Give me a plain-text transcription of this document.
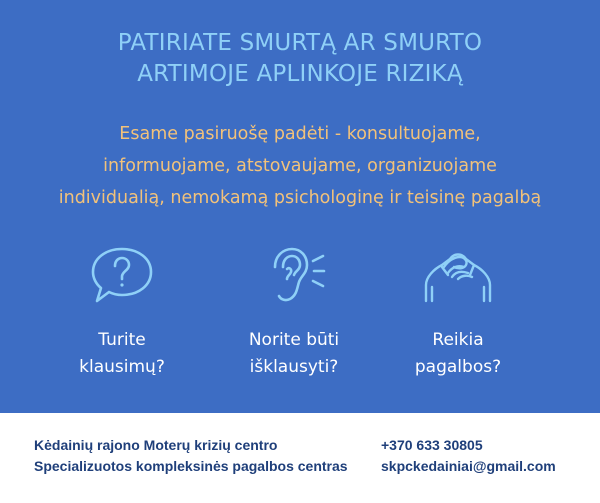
PATIRIATE SMURTĄ AR SMURTO
ARTIMOJE APLINKOJE RIZIKĄ
Esame pasiruošę padėti - konsultuojame,
informuojame, atstovaujame, organizuojame
individualią, nemokamą psichologinę ir teisinę pagalbą
Turite
klausimų?
Norite būti
išklausyti?
Reikia
pagalbos?
Kėdainių rajono Moterų krizių centro
Specializuotos kompleksinės pagalbos centras
+370 633 30805
skpckedainiai@gmail.com
